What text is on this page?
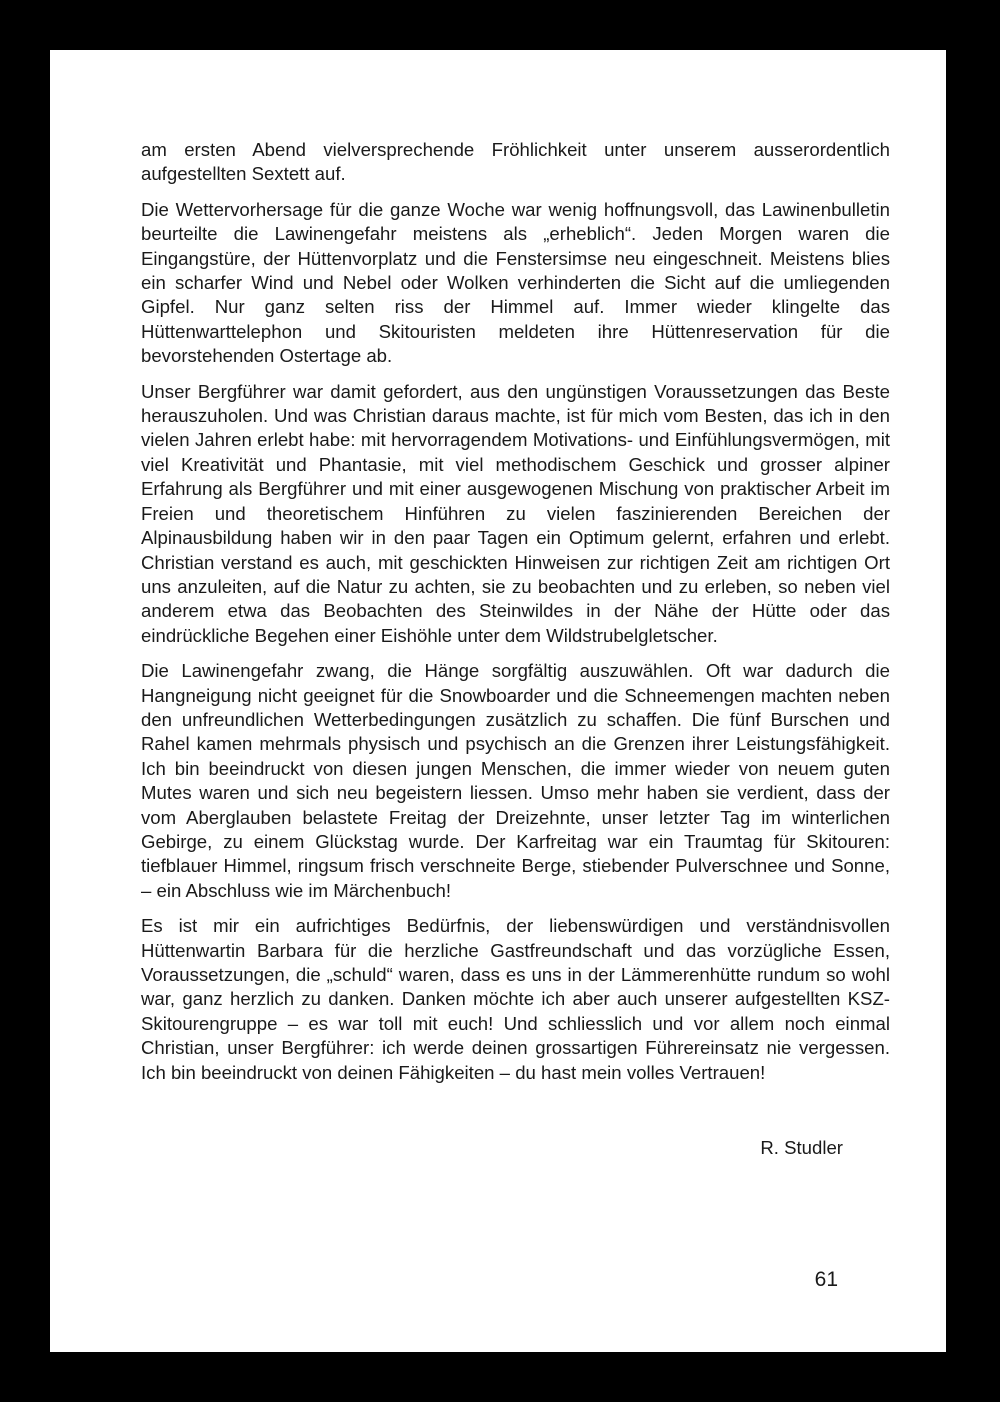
am ersten Abend vielversprechende Fröhlichkeit unter unserem ausserordentlich aufgestellten Sextett auf.

Die Wettervorhersage für die ganze Woche war wenig hoffnungsvoll, das Lawinenbulletin beurteilte die Lawinengefahr meistens als „erheblich“. Jeden Morgen waren die Eingangstüre, der Hüttenvorplatz und die Fenstersimse neu eingeschneit. Meistens blies ein scharfer Wind und Nebel oder Wolken verhinderten die Sicht auf die umliegenden Gipfel. Nur ganz selten riss der Himmel auf. Immer wieder klingelte das Hüttenwarttelephon und Skitouristen meldeten ihre Hüttenreservation für die bevorstehenden Ostertage ab.

Unser Bergführer war damit gefordert, aus den ungünstigen Voraussetzungen das Beste herauszuholen. Und was Christian daraus machte, ist für mich vom Besten, das ich in den vielen Jahren erlebt habe: mit hervorragendem Motivations- und Einfühlungsvermögen, mit viel Kreativität und Phantasie, mit viel methodischem Geschick und grosser alpiner Erfahrung als Bergführer und mit einer ausgewogenen Mischung von praktischer Arbeit im Freien und theoretischem Hinführen zu vielen faszinierenden Bereichen der Alpinausbildung haben wir in den paar Tagen ein Optimum gelernt, erfahren und erlebt. Christian verstand es auch, mit geschickten Hinweisen zur richtigen Zeit am richtigen Ort uns anzuleiten, auf die Natur zu achten, sie zu beobachten und zu erleben, so neben viel anderem etwa das Beobachten des Steinwildes in der Nähe der Hütte oder das eindrückliche Begehen einer Eishöhle unter dem Wildstrubelgletscher.

Die Lawinengefahr zwang, die Hänge sorgfältig auszuwählen. Oft war dadurch die Hangneigung nicht geeignet für die Snowboarder und die Schneemengen machten neben den unfreundlichen Wetterbedingungen zusätzlich zu schaffen. Die fünf Burschen und Rahel kamen mehrmals physisch und psychisch an die Grenzen ihrer Leistungsfähigkeit. Ich bin beeindruckt von diesen jungen Menschen, die immer wieder von neuem guten Mutes waren und sich neu begeistern liessen. Umso mehr haben sie verdient, dass der vom Aberglauben belastete Freitag der Dreizehnte, unser letzter Tag im winterlichen Gebirge, zu einem Glückstag wurde. Der Karfreitag war ein Traumtag für Skitouren: tiefblauer Himmel, ringsum frisch verschneite Berge, stiebender Pulverschnee und Sonne, – ein Abschluss wie im Märchenbuch!

Es ist mir ein aufrichtiges Bedürfnis, der liebenswürdigen und verständnisvollen Hüttenwartin Barbara für die herzliche Gastfreundschaft und das vorzügliche Essen, Voraussetzungen, die „schuld“ waren, dass es uns in der Lämmerenhütte rundum so wohl war, ganz herzlich zu danken. Danken möchte ich aber auch unserer aufgestellten KSZ-Skitourengruppe – es war toll mit euch! Und schliesslich und vor allem noch einmal Christian, unser Bergführer: ich werde deinen grossartigen Führereinsatz nie vergessen. Ich bin beeindruckt von deinen Fähigkeiten – du hast mein volles Vertrauen!

R. Studler
61
